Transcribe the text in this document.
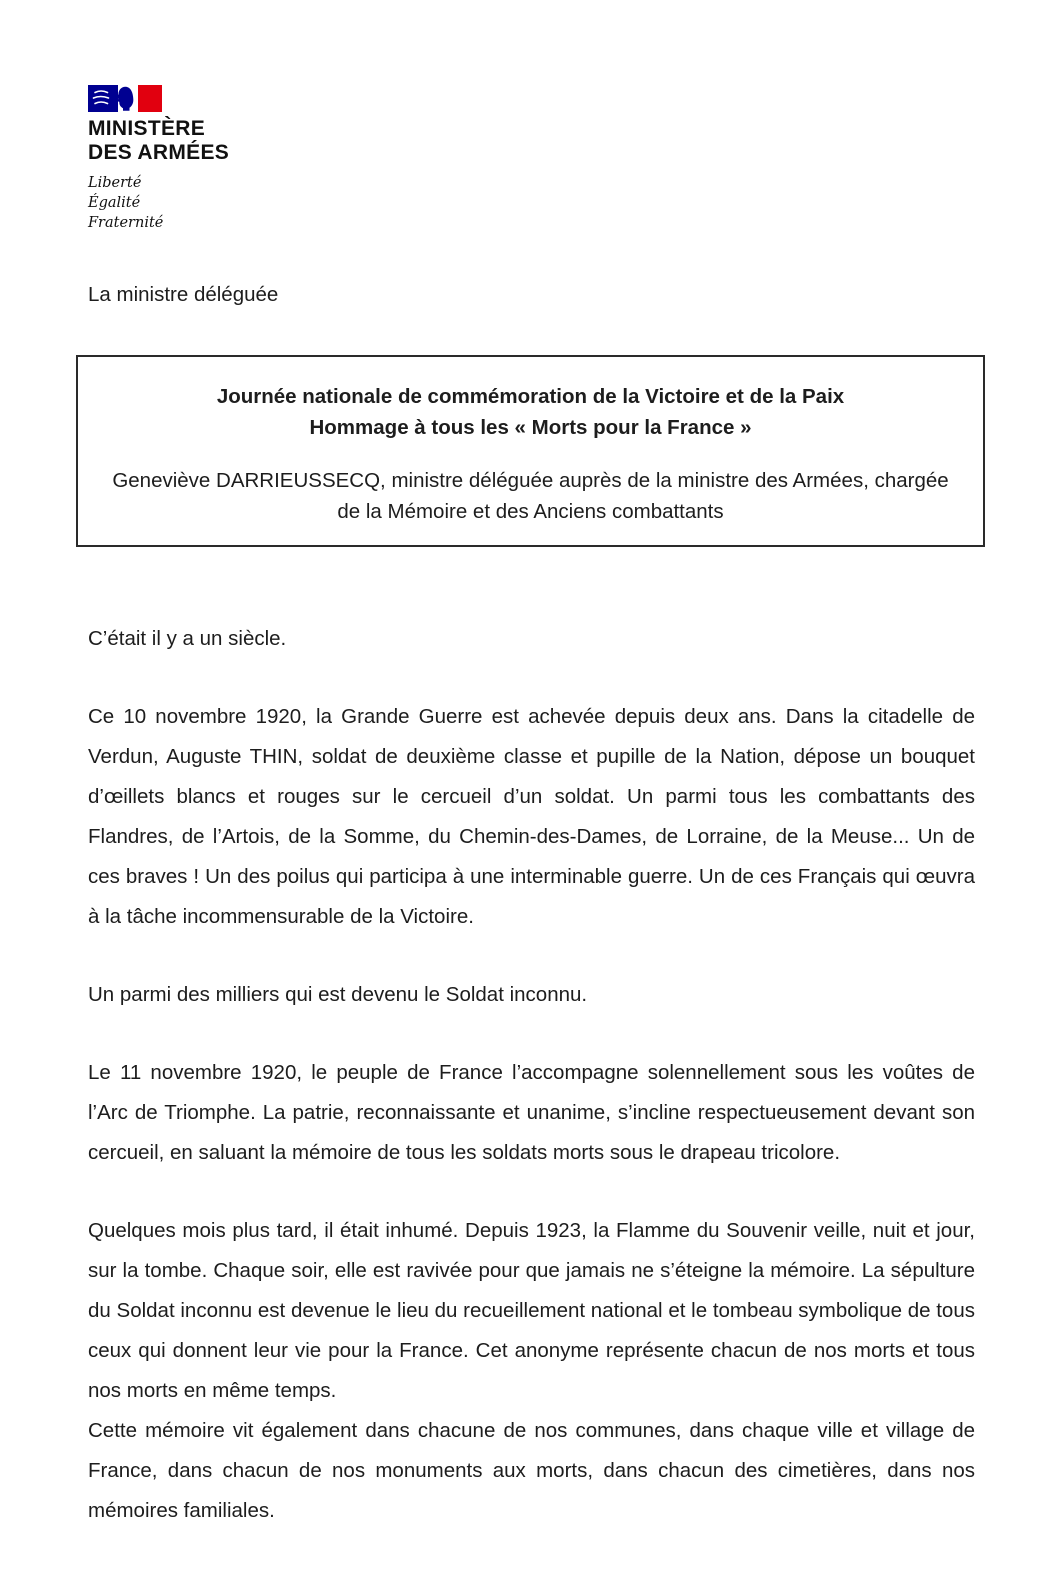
MINISTÈRE
DES ARMÉES
Liberté
Égalité
Fraternité

La ministre déléguée

Journée nationale de commémoration de la Victoire et de la Paix
Hommage à tous les « Morts pour la France »

Geneviève DARRIEUSSECQ, ministre déléguée auprès de la ministre des Armées, chargée de la Mémoire et des Anciens combattants

C’était il y a un siècle.

Ce 10 novembre 1920, la Grande Guerre est achevée depuis deux ans. Dans la citadelle de Verdun, Auguste THIN, soldat de deuxième classe et pupille de la Nation, dépose un bouquet d’œillets blancs et rouges sur le cercueil d’un soldat. Un parmi tous les combattants des Flandres, de l’Artois, de la Somme, du Chemin-des-Dames, de Lorraine, de la Meuse... Un de ces braves ! Un des poilus qui participa à une interminable guerre. Un de ces Français qui œuvra à la tâche incommensurable de la Victoire.

Un parmi des milliers qui est devenu le Soldat inconnu.

Le 11 novembre 1920, le peuple de France l’accompagne solennellement sous les voûtes de l’Arc de Triomphe. La patrie, reconnaissante et unanime, s’incline respectueusement devant son cercueil, en saluant la mémoire de tous les soldats morts sous le drapeau tricolore.

Quelques mois plus tard, il était inhumé. Depuis 1923, la Flamme du Souvenir veille, nuit et jour, sur la tombe. Chaque soir, elle est ravivée pour que jamais ne s’éteigne la mémoire. La sépulture du Soldat inconnu est devenue le lieu du recueillement national et le tombeau symbolique de tous ceux qui donnent leur vie pour la France. Cet anonyme représente chacun de nos morts et tous nos morts en même temps.

Cette mémoire vit également dans chacune de nos communes, dans chaque ville et village de France, dans chacun de nos monuments aux morts, dans chacun des cimetières, dans nos mémoires familiales.
